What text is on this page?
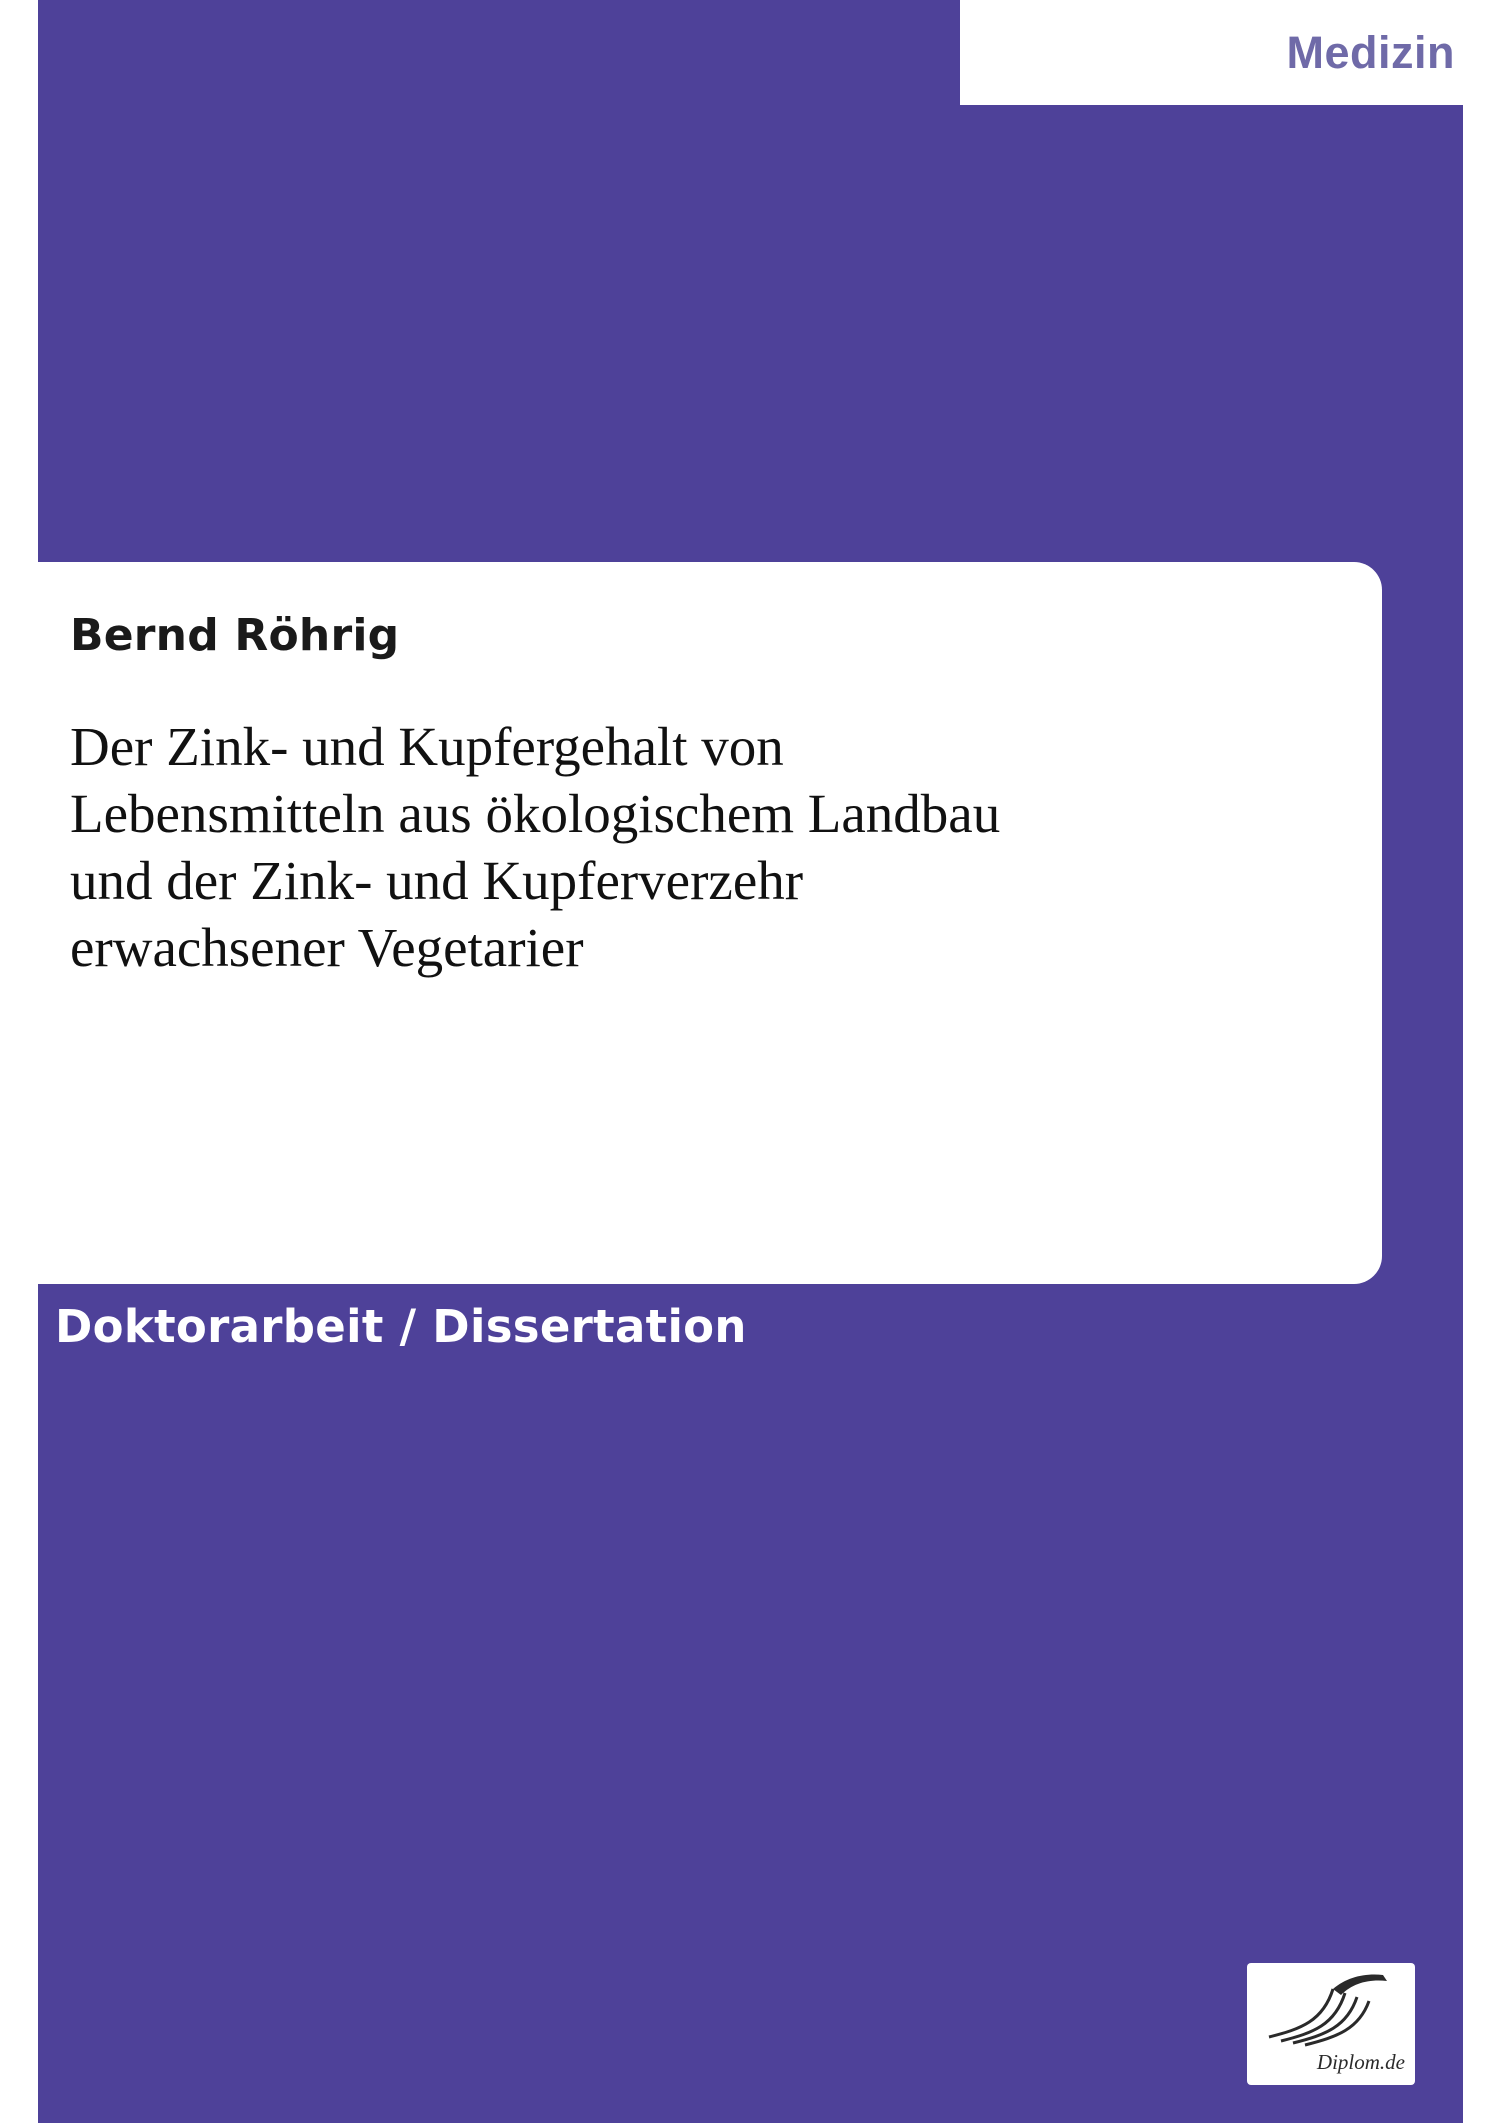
Medizin
Bernd Röhrig
Der Zink- und Kupfergehalt von
Lebensmitteln aus ökologischem Landbau
und der Zink- und Kupferverzehr
erwachsener Vegetarier
Doktorarbeit / Dissertation
Diplom.de
